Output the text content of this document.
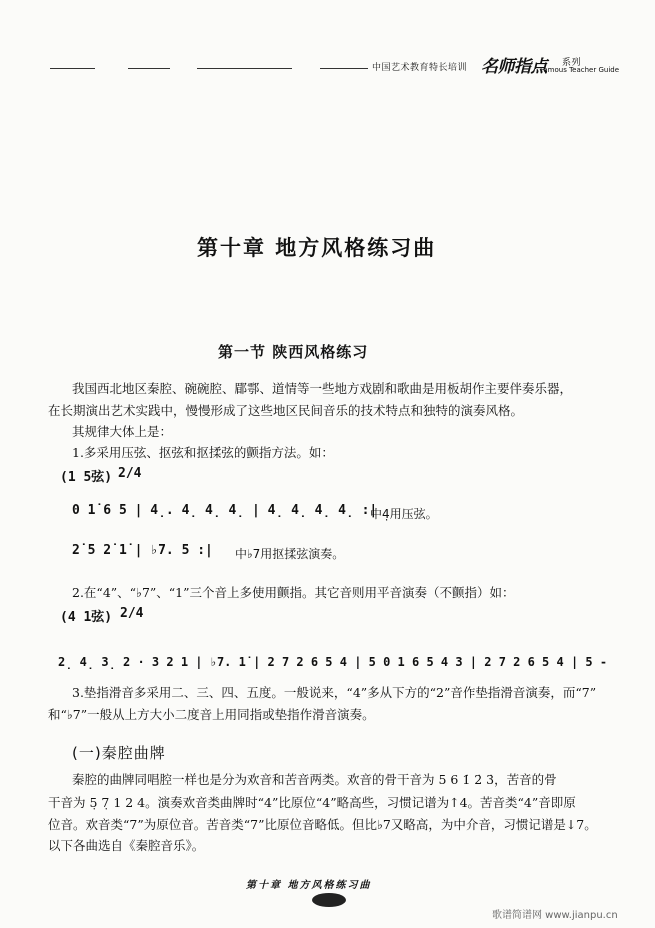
中国艺术教育特长培训 名师指点 系列
Famous Teacher Guide
第十章 地方风格练习曲
第一节 陕西风格练习
我国西北地区秦腔、碗碗腔、郿鄠、道情等一些地方戏剧和歌曲是用板胡作主要伴奏乐器，
在长期演出艺术实践中，慢慢形成了这些地区民间音乐的技术特点和独特的演奏风格。
其规律大体上是：
1.多采用压弦、抠弦和抠揉弦的颤指方法。如：
(1 5弦) 2/4
0 1̇ 6 5 | 4̣. 4̣ 4̣ 4̣ | 4̣ 4̣ 4̣ 4̣ :|
中4̣用压弦。
2̇ 5 2̇ 1̇ | ♭7. 5 :| 中♭7用抠揉弦演奏。
2.在“4”、“♭7”、“1”三个音上多使用颤指。其它音则用平音演奏（不颤指）如：
(4 1弦) 2/4
2̣ 4̣ 3̣ 2 · 3 2 1 | ♭7. 1̇ | 2 7 2 6 5 4 | 5 0 1 6 5 4 3 | 2 7 2 6 5 4 | 5 -
3.垫指滑音多采用二、三、四、五度。一般说来，“4”多从下方的“2”音作垫指滑音演奏，而“7”
和“♭7”一般从上方大小二度音上用同指或垫指作滑音演奏。
(一)秦腔曲牌
秦腔的曲牌同唱腔一样也是分为欢音和苦音两类。欢音的骨干音为 5 6 1̇ 2̇ 3̇，苦音的骨
干音为 5̣ 7̣ 1 2 4。演奏欢音类曲牌时“4”比原位“4”略高些，习惯记谱为↑4。苦音类“4”音即原
位音。欢音类“7”为原位音。苦音类“7”比原位音略低。但比♭7又略高，为中介音，习惯记谱是↓7。
以下各曲选自《秦腔音乐》。
第十章 地方风格练习曲
歌谱简谱网 www.jianpu.cn
